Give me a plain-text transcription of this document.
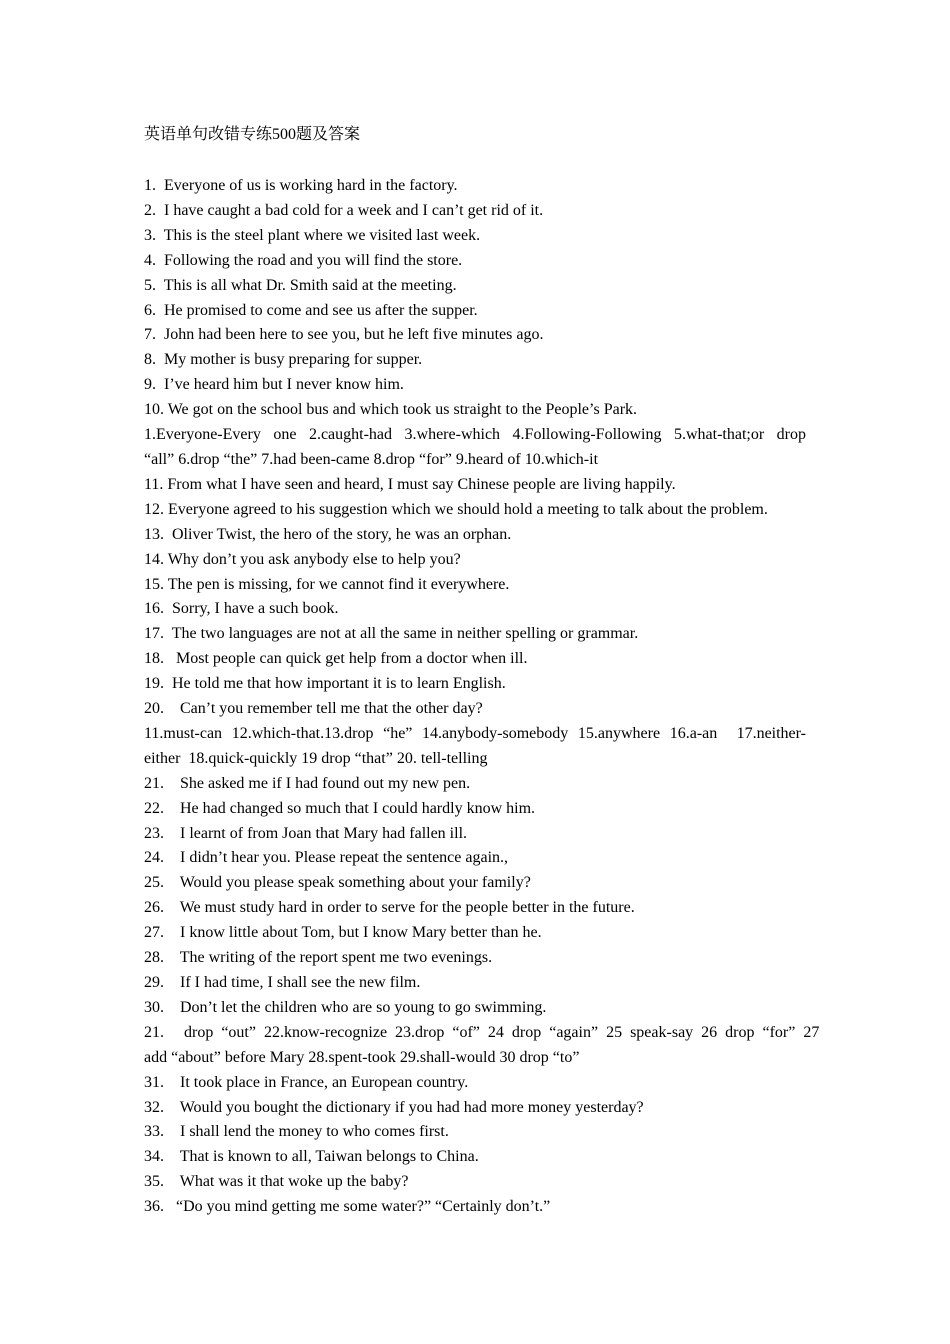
英语单句改错专练500题及答案

1.  Everyone of us is working hard in the factory.

2.  I have caught a bad cold for a week and I can’t get rid of it.

3.  This is the steel plant where we visited last week.

4.  Following the road and you will find the store.

5.  This is all what Dr. Smith said at the meeting.

6.  He promised to come and see us after the supper.

7.  John had been here to see you, but he left five minutes ago.

8.  My mother is busy preparing for supper.

9.  I’ve heard him but I never know him.

10. We got on the school bus and which took us straight to the People’s Park.

1.Everyone-Every  one  2.caught-had  3.where-which  4.Following-Following  5.what-that;or  drop
“all” 6.drop “the” 7.had been-came 8.drop “for” 9.heard of 10.which-it

11. From what I have seen and heard, I must say Chinese people are living happily.

12. Everyone agreed to his suggestion which we should hold a meeting to talk about the problem.

13.  Oliver Twist, the hero of the story, he was an orphan.

14. Why don’t you ask anybody else to help you?

15. The pen is missing, for we cannot find it everywhere.

16.  Sorry, I have a such book.

17.  The two languages are not at all the same in neither spelling or grammar.

18.   Most people can quick get help from a doctor when ill.

19.  He told me that how important it is to learn English.

20.    Can’t you remember tell me that the other day?

11.must-can  12.which-that.13.drop  “he”  14.anybody-somebody  15.anywhere  16.a-an    17.neither-
either  18.quick-quickly 19 drop “that” 20. tell-telling

21.    She asked me if I had found out my new pen.

22.    He had changed so much that I could hardly know him.

23.    I learnt of from Joan that Mary had fallen ill.

24.    I didn’t hear you. Please repeat the sentence again.,

25.    Would you please speak something about your family?

26.    We must study hard in order to serve for the people better in the future.

27.    I know little about Tom, but I know Mary better than he.

28.    The writing of the report spent me two evenings.

29.    If I had time, I shall see the new film.

30.    Don’t let the children who are so young to go swimming.

21.     drop  “out”  22.know-recognize  23.drop  “of”  24  drop  “again”  25  speak-say  26  drop  “for”  27
add “about” before Mary 28.spent-took 29.shall-would 30 drop “to”

31.    It took place in France, an European country.

32.    Would you bought the dictionary if you had had more money yesterday?

33.    I shall lend the money to who comes first.

34.    That is known to all, Taiwan belongs to China.

35.    What was it that woke up the baby?

36.   “Do you mind getting me some water?” “Certainly don’t.”
